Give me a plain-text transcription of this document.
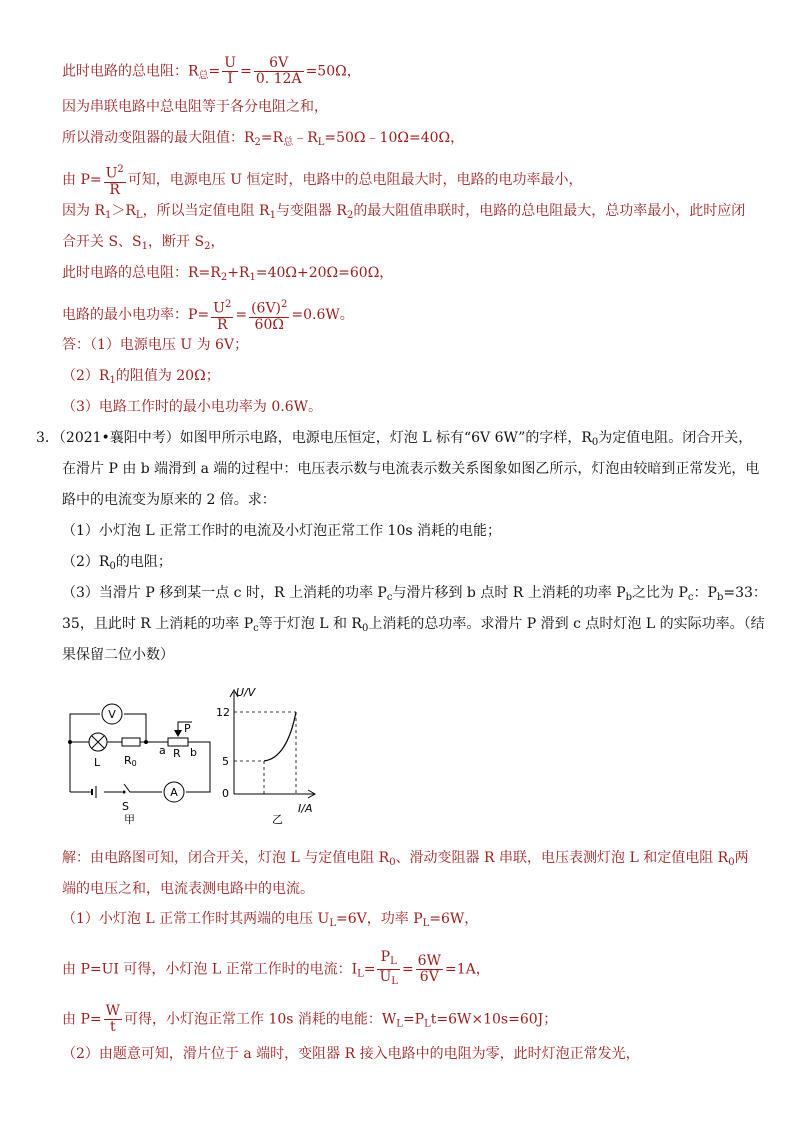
此时电路的总电阻：$R_总= \frac{U}{I} = \frac{6V}{0. 12A} =50\Omega$，
因为串联电路中总电阻等于各分电阻之和，
所以滑动变阻器的最大阻值：$R_2=R_总﹣R_L=50\Omega﹣10\Omega=40\Omega$，
由 $P= \frac{U^2}{R}$ 可知，电源电压 U 恒定时，电路中的总电阻最大时，电路的电功率最小，
因为 $R_1>R_L$，所以当定值电阻 $R_1$与变阻器 $R_2$的最大阻值串联时，电路的总电阻最大，总功率最小，此时应闭
合开关 S、$S_1$，断开 $S_2$，
此时电路的总电阻：$R=R_2+R_1=40\Omega+20\Omega=60\Omega$，
电路的最小电功率：$P= \frac{U^2}{R} = \frac{(6V)^2}{60\Omega} =0.6W$。
答：（1）电源电压 U 为 6V；
$(2)R_1$的阻值为 20Ω；
（3）电路工作时的最小电功率为 0.6W。
3．（2021•襄阳中考）如图甲所示电路，电源电压恒定，灯泡 L 标有“6V 6W”的字样，$R_0$为定值电阻。闭合开关，
在滑片 P 由 b 端滑到 a 端的过程中：电压表示数与电流表示数关系图象如图乙所示，灯泡由较暗到正常发光，电
路中的电流变为原来的 2 倍。求：
（1）小灯泡 L 正常工作时的电流及小灯泡正常工作 10s 消耗的电能；
$(2)R_0$的电阻；
（3）当滑片 P 移到某一点 c 时，R 上消耗的功率 $P_c$与滑片移到 b 点时 R 上消耗的功率 $P_b$之比为 $P_c$：$P_b=33$：
35，且此时 R 上消耗的功率 $P_c$等于灯泡 L 和 $R_0$上消耗的总功率。求滑片 P 滑到 c 点时灯泡 L 的实际功率。（结
果保留二位小数）
V
A
L R0
R
P
a b
S
甲
U/V
I/A
12
5
0
乙
解：由电路图可知，闭合开关，灯泡 L 与定值电阻 $R_0$、滑动变阻器 R 串联，电压表测灯泡 L 和定值电阻 $R_0$两
端的电压之和，电流表测电路中的电流。
（1）小灯泡 L 正常工作时其两端的电压 $U_L=6V$，功率 $P_L=6W$，
由 P=UI 可得，小灯泡 L 正常工作时的电流：$I_L= \frac{P_L}{U_L} = \frac{6W}{6V} =1A$，
由 $P= \frac{W}{t}$ 可得，小灯泡正常工作 10s 消耗的电能：$W_L=P_Lt=6W\times 10s=60J$；
（2）由题意可知，滑片位于 a 端时，变阻器 R 接入电路中的电阻为零，此时灯泡正常发光，
